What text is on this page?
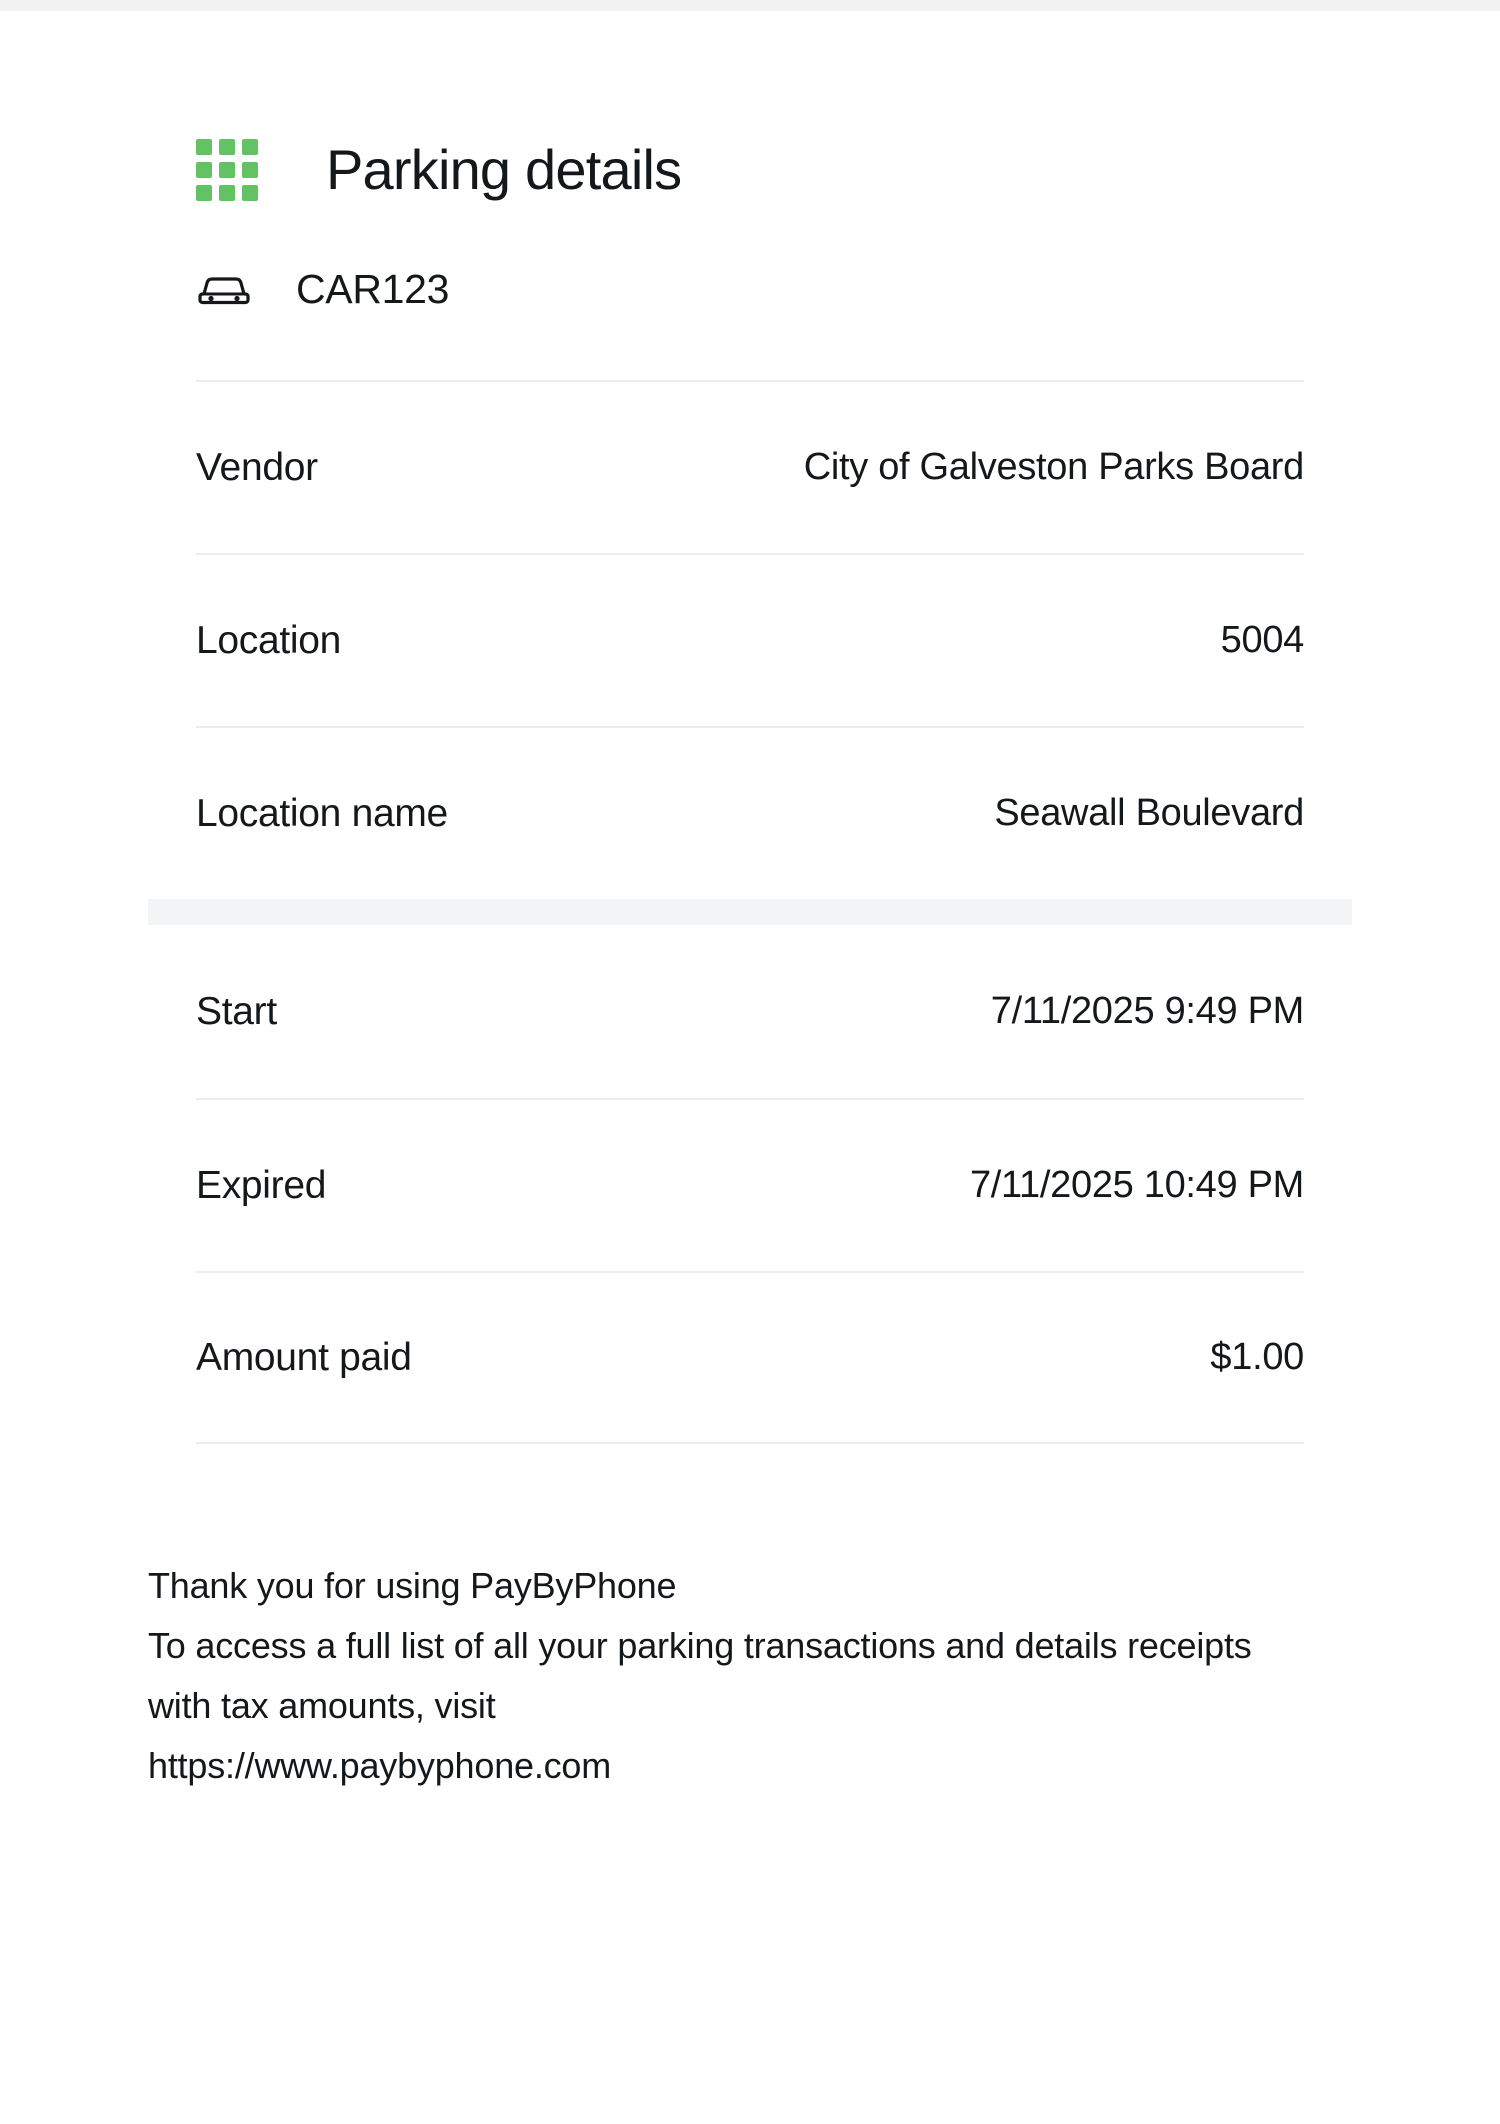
Parking details
CAR123
Vendor	City of Galveston Parks Board
Location	5004
Location name	Seawall Boulevard
Start	7/11/2025 9:49 PM
Expired	7/11/2025 10:49 PM
Amount paid	$1.00
Thank you for using PayByPhone
To access a full list of all your parking transactions and details receipts with tax amounts, visit
https://www.paybyphone.com
